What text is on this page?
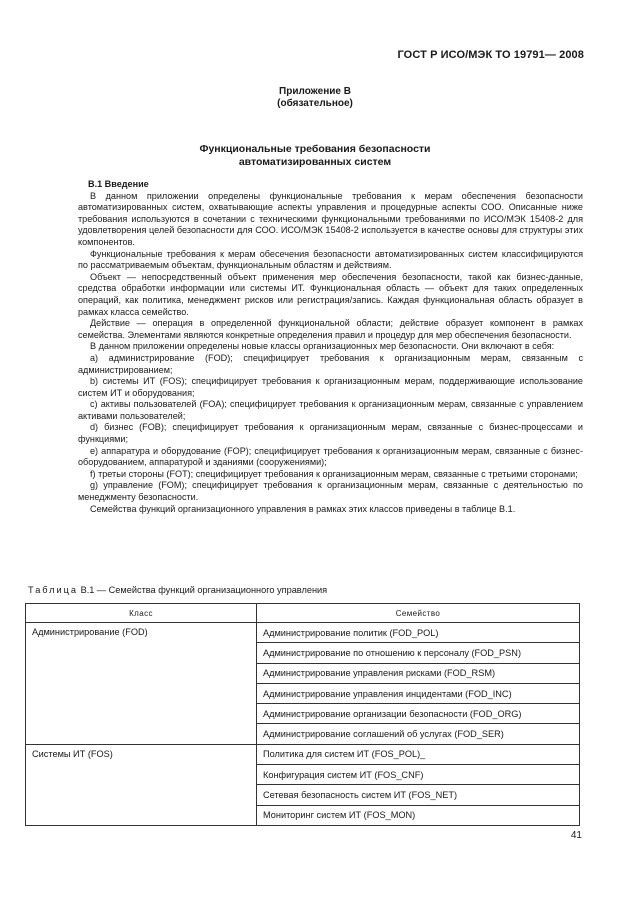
ГОСТ Р ИСО/МЭК ТО 19791— 2008
Приложение В
(обязательное)
Функциональные требования безопасности
автоматизированных систем

В.1 Введение

В данном приложении определены функциональные требования к мерам обеспечения безопасности автоматизированных систем, охватывающие аспекты управления и процедурные аспекты СОО. Описанные ниже требования используются в сочетании с техническими функциональными требованиями по ИСО/МЭК 15408-2 для удовлетворения целей безопасности для СОО. ИСО/МЭК 15408-2 используется в качестве основы для структуры этих компонентов.

Функциональные требования к мерам обесечения безопасности автоматизированных систем классифицируются по рассматриваемым объектам, функциональным областям и действиям.

Объект — непосредственный объект применения мер обеспечения безопасности, такой как бизнес-данные, средства обработки информации или системы ИТ. Функциональная область — объект для таких определенных операций, как политика, менеджмент рисков или регистрация/запись. Каждая функциональная область образует в рамках класса семейство.

Действие — операция в определенной функциональной области; действие образует компонент в рамках семейства. Элементами являются конкретные определения правил и процедур для мер обеспечения безопасности.

В данном приложении определены новые классы организационных мер безопасности. Они включают в себя:

а) администрирование (FOD); специфицирует требования к организационным мерам, связанным с администрированием;

b) системы ИТ (FOS); специфицирует требования к организационным мерам, поддерживающие использование систем ИТ и оборудования;

с) активы пользователей (FOA); специфицирует требования к организационным мерам, связанные с управлением активами пользователей;

d) бизнес (FOB); специфицирует требования к организационным мерам, связанные с бизнес-процессами и функциями;

е) аппаратура и оборудование (FOP); специфицирует требования к организационным мерам, связанные с бизнес-оборудованием, аппаратурой и зданиями (сооружениями);

f) третьи стороны (FOT); специфицирует требования к организационным мерам, связанные с третьими сторонами;

g) управление (FOM); специфицирует требования к организационным мерам, связанные с деятельностью по менеджменту безопасности.

Семейства функций организационного управления в рамках этих классов приведены в таблице В.1.

Таблица В.1 — Семейства функций организационного управления
Класс	Семейство
Администрирование (FOD)	Администрирование политик (FOD_POL)
	Администрирование по отношению к персоналу (FOD_PSN)
	Администрирование управления рисками (FOD_RSM)
	Администрирование управления инцидентами (FOD_INC)
	Администрирование организации безопасности (FOD_ORG)
	Администрирование соглашений об услугах (FOD_SER)
Системы ИТ (FOS)	Политика для систем ИТ (FOS_POL)_
	Конфигурация систем ИТ (FOS_CNF)
	Сетевая безопасность систем ИТ (FOS_NET)
	Мониторинг систем ИТ (FOS_MON)
41
